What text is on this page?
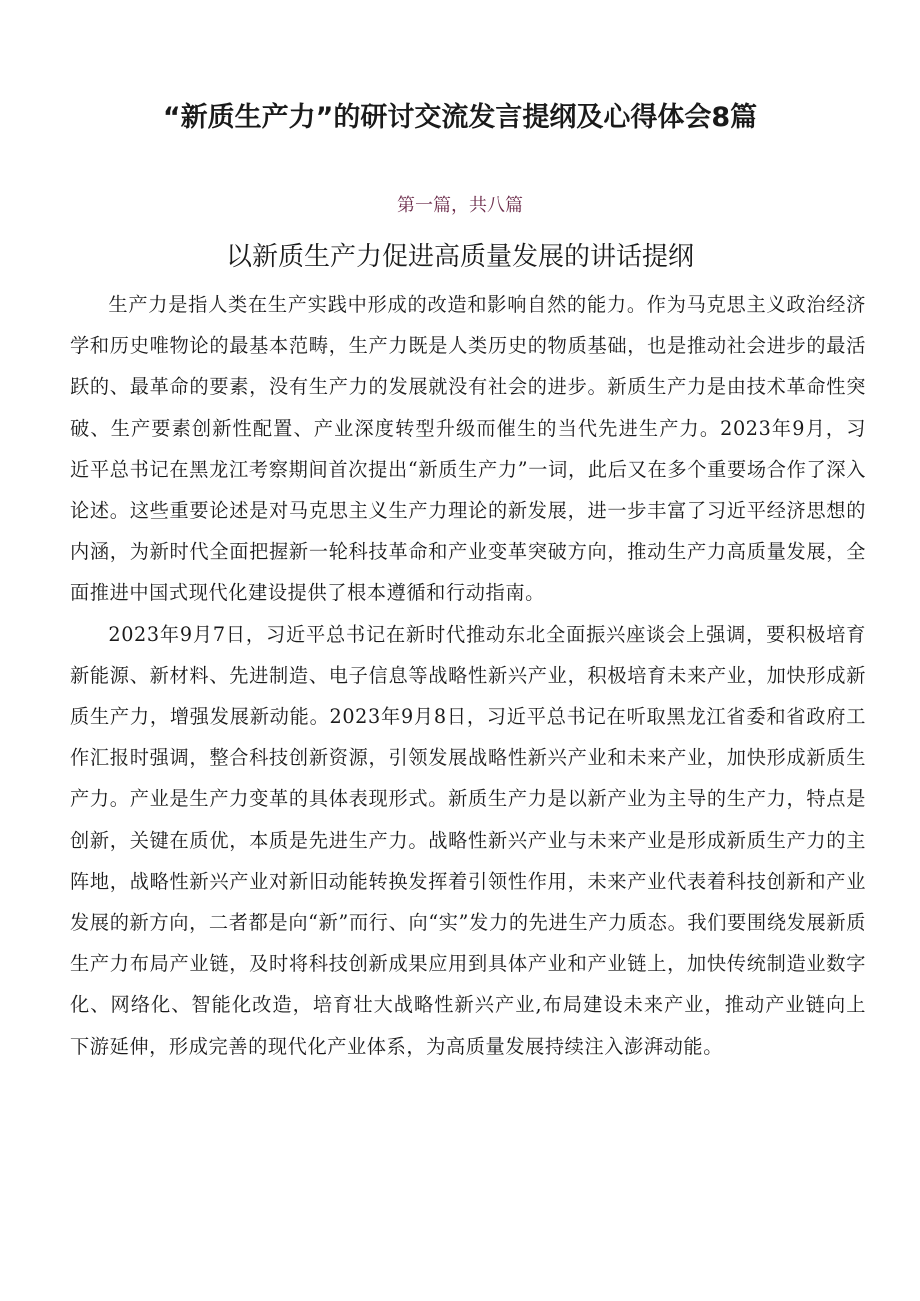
“新质生产力”的研讨交流发言提纲及心得体会8篇
第一篇，共八篇
以新质生产力促进高质量发展的讲话提纲

生产力是指人类在生产实践中形成的改造和影响自然的能力。作为马克思主义政治经济学和历史唯物论的最基本范畴，生产力既是人类历史的物质基础，也是推动社会进步的最活跃的、最革命的要素，没有生产力的发展就没有社会的进步。新质生产力是由技术革命性突破、生产要素创新性配置、产业深度转型升级而催生的当代先进生产力。2023年9月，习近平总书记在黑龙江考察期间首次提出“新质生产力”一词，此后又在多个重要场合作了深入论述。这些重要论述是对马克思主义生产力理论的新发展，进一步丰富了习近平经济思想的内涵，为新时代全面把握新一轮科技革命和产业变革突破方向，推动生产力高质量发展，全面推进中国式现代化建设提供了根本遵循和行动指南。

2023年9月7日，习近平总书记在新时代推动东北全面振兴座谈会上强调，要积极培育新能源、新材料、先进制造、电子信息等战略性新兴产业，积极培育未来产业，加快形成新质生产力，增强发展新动能。2023年9月8日，习近平总书记在听取黑龙江省委和省政府工作汇报时强调，整合科技创新资源，引领发展战略性新兴产业和未来产业，加快形成新质生产力。产业是生产力变革的具体表现形式。新质生产力是以新产业为主导的生产力，特点是创新，关键在质优，本质是先进生产力。战略性新兴产业与未来产业是形成新质生产力的主阵地，战略性新兴产业对新旧动能转换发挥着引领性作用，未来产业代表着科技创新和产业发展的新方向，二者都是向“新”而行、向“实”发力的先进生产力质态。我们要围绕发展新质生产力布局产业链，及时将科技创新成果应用到具体产业和产业链上，加快传统制造业数字化、网络化、智能化改造，培育壮大战略性新兴产业,布局建设未来产业，推动产业链向上下游延伸，形成完善的现代化产业体系，为高质量发展持续注入澎湃动能。
